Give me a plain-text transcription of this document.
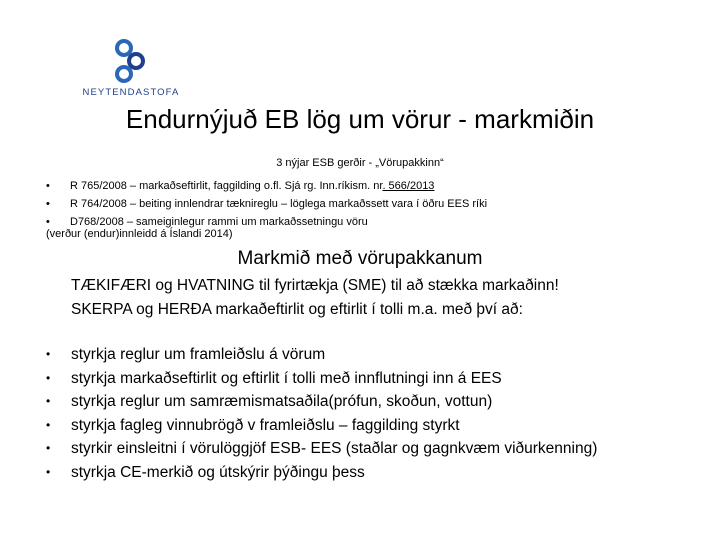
NEYTENDASTOFA
Endurnýjuð EB lög um vörur - markmiðin
3 nýjar ESB gerðir - „Vörupakkinn“
• R 765/2008 – markaðseftirlit, faggilding o.fl. Sjá rg. Inn.ríkism. nr. 566/2013
• R 764/2008 – beiting innlendrar tæknireglu – löglega markaðssett vara í öðru EES ríki
• D768/2008 – sameiginlegur rammi um markaðssetningu vöru
(verður (endur)innleidd á Íslandi 2014)
Markmið með vörupakkanum
TÆKIFÆRI og HVATNING til fyrirtækja (SME) til að stækka markaðinn!
SKERPA og HERÐA markaðeftirlit og eftirlit í tolli m.a. með því að:
• styrkja reglur um framleiðslu á vörum
• styrkja markaðseftirlit og eftirlit í tolli með innflutningi inn á EES
• styrkja reglur um samræmismatsaðila(prófun, skoðun, vottun)
• styrkja fagleg vinnubrögð v framleiðslu – faggilding styrkt
• styrkir einsleitni í vörulöggjöf ESB- EES (staðlar og gagnkvæm viðurkenning)
• styrkja CE-merkið og útskýrir þýðingu þess
